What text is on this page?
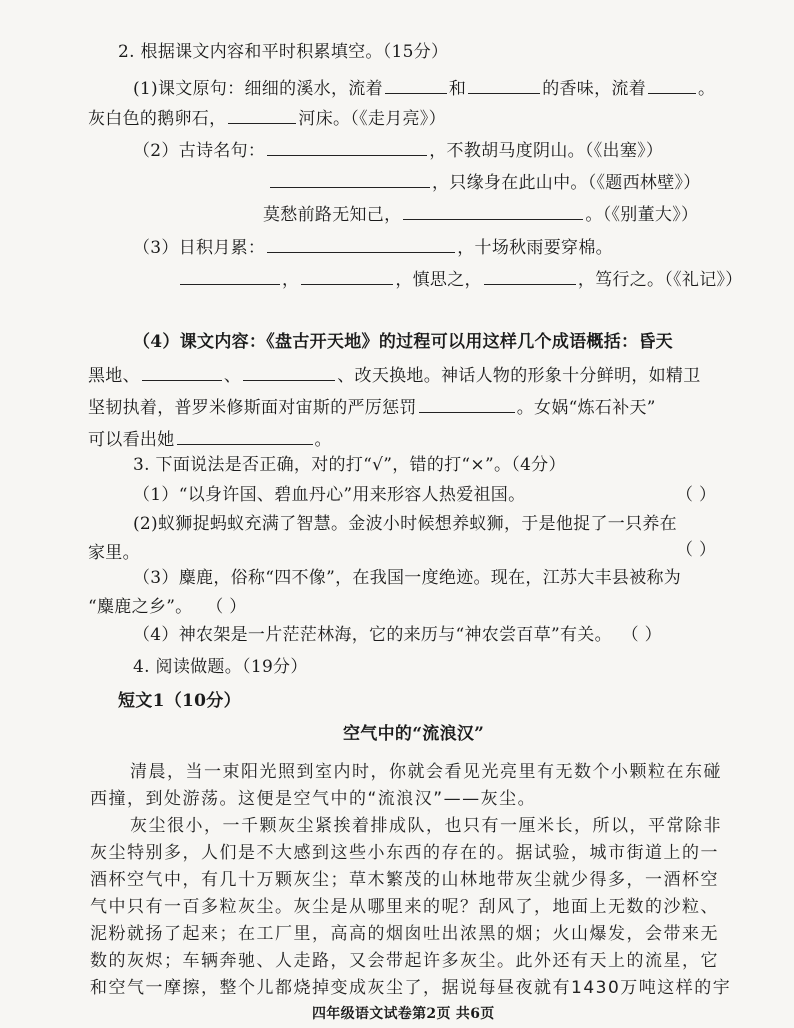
2. 根据课文内容和平时积累填空。（15分）
(1)课文原句：细细的溪水，流着	和	的香味，流着	。
灰白色的鹅卵石，	河床。（《走月亮》）
（2）古诗名句：	，不教胡马度阴山。（《出塞》）
，只缘身在此山中。（《题西林壁》）
莫愁前路无知己，	。（《别董大》）
（3）日积月累：	，十场秋雨要穿棉。
，	，慎思之，	，笃行之。（《礼记》）
（4）课文内容：《盘古开天地》的过程可以用这样几个成语概括：昏天
黑地、	、	、改天换地。神话人物的形象十分鲜明，如精卫
坚韧执着，普罗米修斯面对宙斯的严厉惩罚	。女娲“炼石补天”
可以看出她	。
3. 下面说法是否正确，对的打“√”，错的打“×”。（4分）
（1）“以身许国、碧血丹心”用来形容人热爱祖国。	（ ）
(2)蚁狮捉蚂蚁充满了智慧。金波小时候想养蚁狮，于是他捉了一只养在
家里。	（ ）
（3）麋鹿，俗称“四不像”，在我国一度绝迹。现在，江苏大丰县被称为
“麋鹿之乡”。 （ ）
（4）神农架是一片茫茫林海，它的来历与“神农尝百草”有关。 （ ）
4. 阅读做题。（19分）
短文1（10分）
空气中的“流浪汉”
清晨，当一束阳光照到室内时，你就会看见光亮里有无数个小颗粒在东碰
西撞，到处游荡。这便是空气中的“流浪汉”——灰尘。
灰尘很小，一千颗灰尘紧挨着排成队，也只有一厘米长，所以，平常除非
灰尘特别多，人们是不大感到这些小东西的存在的。据试验，城市街道上的一
酒杯空气中，有几十万颗灰尘；草木繁茂的山林地带灰尘就少得多，一酒杯空
气中只有一百多粒灰尘。灰尘是从哪里来的呢？刮风了，地面上无数的沙粒、
泥粉就扬了起来；在工厂里，高高的烟囱吐出浓黑的烟；火山爆发，会带来无
数的灰烬；车辆奔驰、人走路，又会带起许多灰尘。此外还有天上的流星，它
和空气一摩擦，整个儿都烧掉变成灰尘了，据说每昼夜就有1430万吨这样的宇
四年级语文试卷第2页 共6页
